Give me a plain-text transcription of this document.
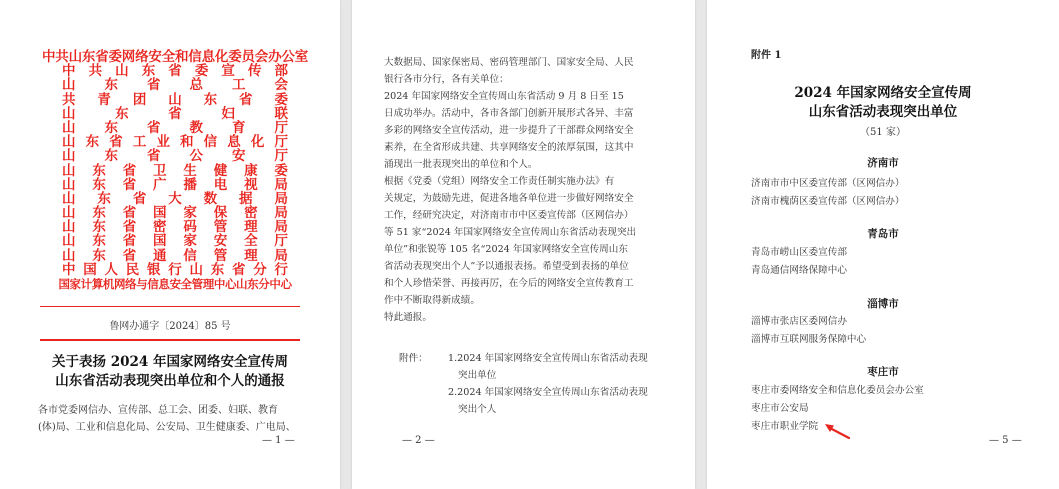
中共山东省委网络安全和信息化委员会办公室
中 共 山 东 省 委 宣 传 部
山 东 省 总 工 会
共 青 团 山 东 省 委
山	东	省	妇	联
山 东 省 教 育 厅
山 东 省 工 业 和 信 息 化 厅
山 东 省 公 安 厅
山 东 省 卫 生 健 康 委
山 东 省 广 播 电 视 局
山 东 省 大 数 据 局
山 东 省 国 家 保 密 局
山 东 省 密 码 管 理 局
山 东 省 国 家 安 全 厅
山 东 省 通 信 管 理 局
中 国 人 民 银 行 山 东 省 分 行
国家计算机网络与信息安全管理中心山东分中心
鲁网办通字〔2024〕85 号
关于表扬 2024 年国家网络安全宣传周
山东省活动表现突出单位和个人的通报
各市党委网信办、宣传部、总工会、团委、妇联、教育
(体)局、工业和信息化局、公安局、卫生健康委、广电局、
— 1 —
大数据局、国家保密局、密码管理部门、国家安全局、人民
银行各市分行，各有关单位：
2024 年国家网络安全宣传周山东省活动 9 月 8 日至 15
日成功举办。活动中，各市各部门创新开展形式各异、丰富
多彩的网络安全宣传活动，进一步提升了干部群众网络安全
素养，在全省形成共建、共享网络安全的浓厚氛围，这其中
涌现出一批表现突出的单位和个人。
根据《党委（党组）网络安全工作责任制实施办法》有
关规定，为鼓励先进，促进各地各单位进一步做好网络安全
工作，经研究决定，对济南市市中区委宣传部（区网信办）
等 51 家“2024 年国家网络安全宣传周山东省活动表现突出
单位”和张锐等 105 名“2024 年国家网络安全宣传周山东
省活动表现突出个人”予以通报表扬。希望受到表扬的单位
和个人珍惜荣誉、再接再厉，在今后的网络安全宣传教育工
作中不断取得新成绩。
特此通报。
附件：	1.2024 年国家网络安全宣传周山东省活动表现
突出单位
2.2024 年国家网络安全宣传周山东省活动表现
突出个人
— 2 —
附件 1
2024 年国家网络安全宣传周
山东省活动表现突出单位
（51 家）
济南市
济南市市中区委宣传部（区网信办）
济南市槐荫区委宣传部（区网信办）
青岛市
青岛市崂山区委宣传部
青岛通信网络保障中心
淄博市
淄博市张店区委网信办
淄博市互联网服务保障中心
枣庄市
枣庄市委网络安全和信息化委员会办公室
枣庄市公安局
枣庄市职业学院
— 5 —
